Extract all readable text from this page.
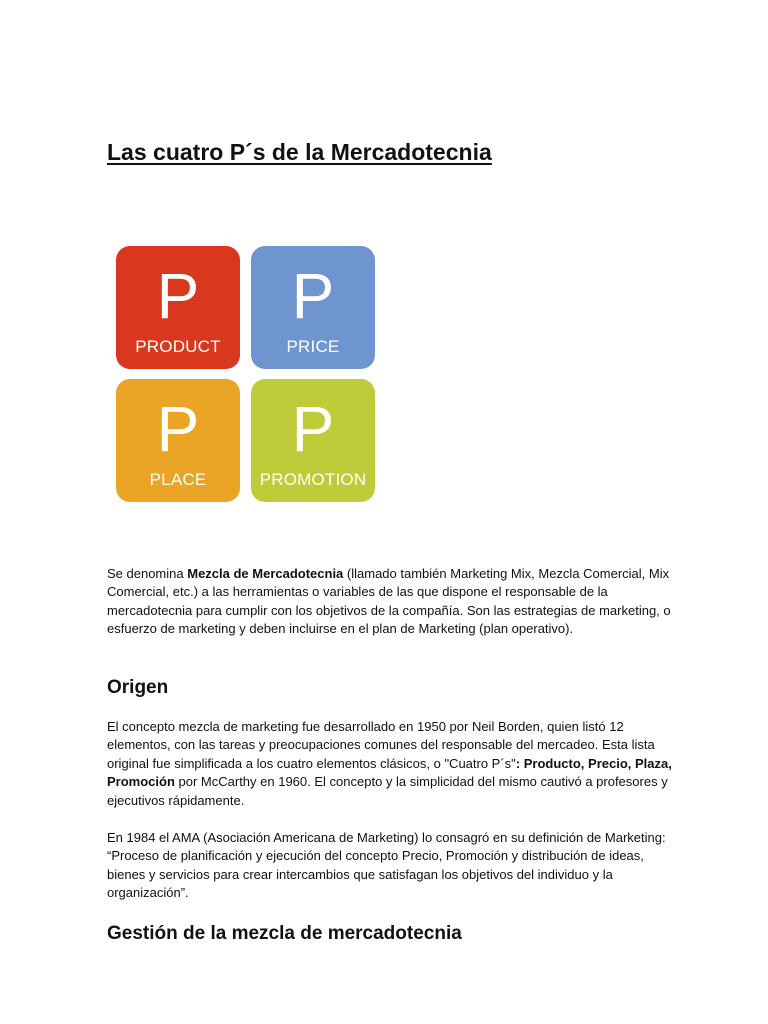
Las cuatro P´s de la Mercadotecnia
P
PRODUCT
P
PRICE
P
PLACE
P
PROMOTION

Se denomina Mezcla de Mercadotecnia (llamado también Marketing Mix, Mezcla Comercial, Mix Comercial, etc.) a las herramientas o variables de las que dispone el responsable de la mercadotecnia para cumplir con los objetivos de la compañía. Son las estrategias de marketing, o esfuerzo de marketing y deben incluirse en el plan de Marketing (plan operativo).

Origen

El concepto mezcla de marketing fue desarrollado en 1950 por Neil Borden, quien listó 12 elementos, con las tareas y preocupaciones comunes del responsable del mercadeo. Esta lista original fue simplificada a los cuatro elementos clásicos, o "Cuatro P´s": Producto, Precio, Plaza, Promoción por McCarthy en 1960. El concepto y la simplicidad del mismo cautivó a profesores y ejecutivos rápidamente.

En 1984 el AMA (Asociación Americana de Marketing) lo consagró en su definición de Marketing: “Proceso de planificación y ejecución del concepto Precio, Promoción y distribución de ideas, bienes y servicios para crear intercambios que satisfagan los objetivos del individuo y la organización”.

Gestión de la mezcla de mercadotecnia
